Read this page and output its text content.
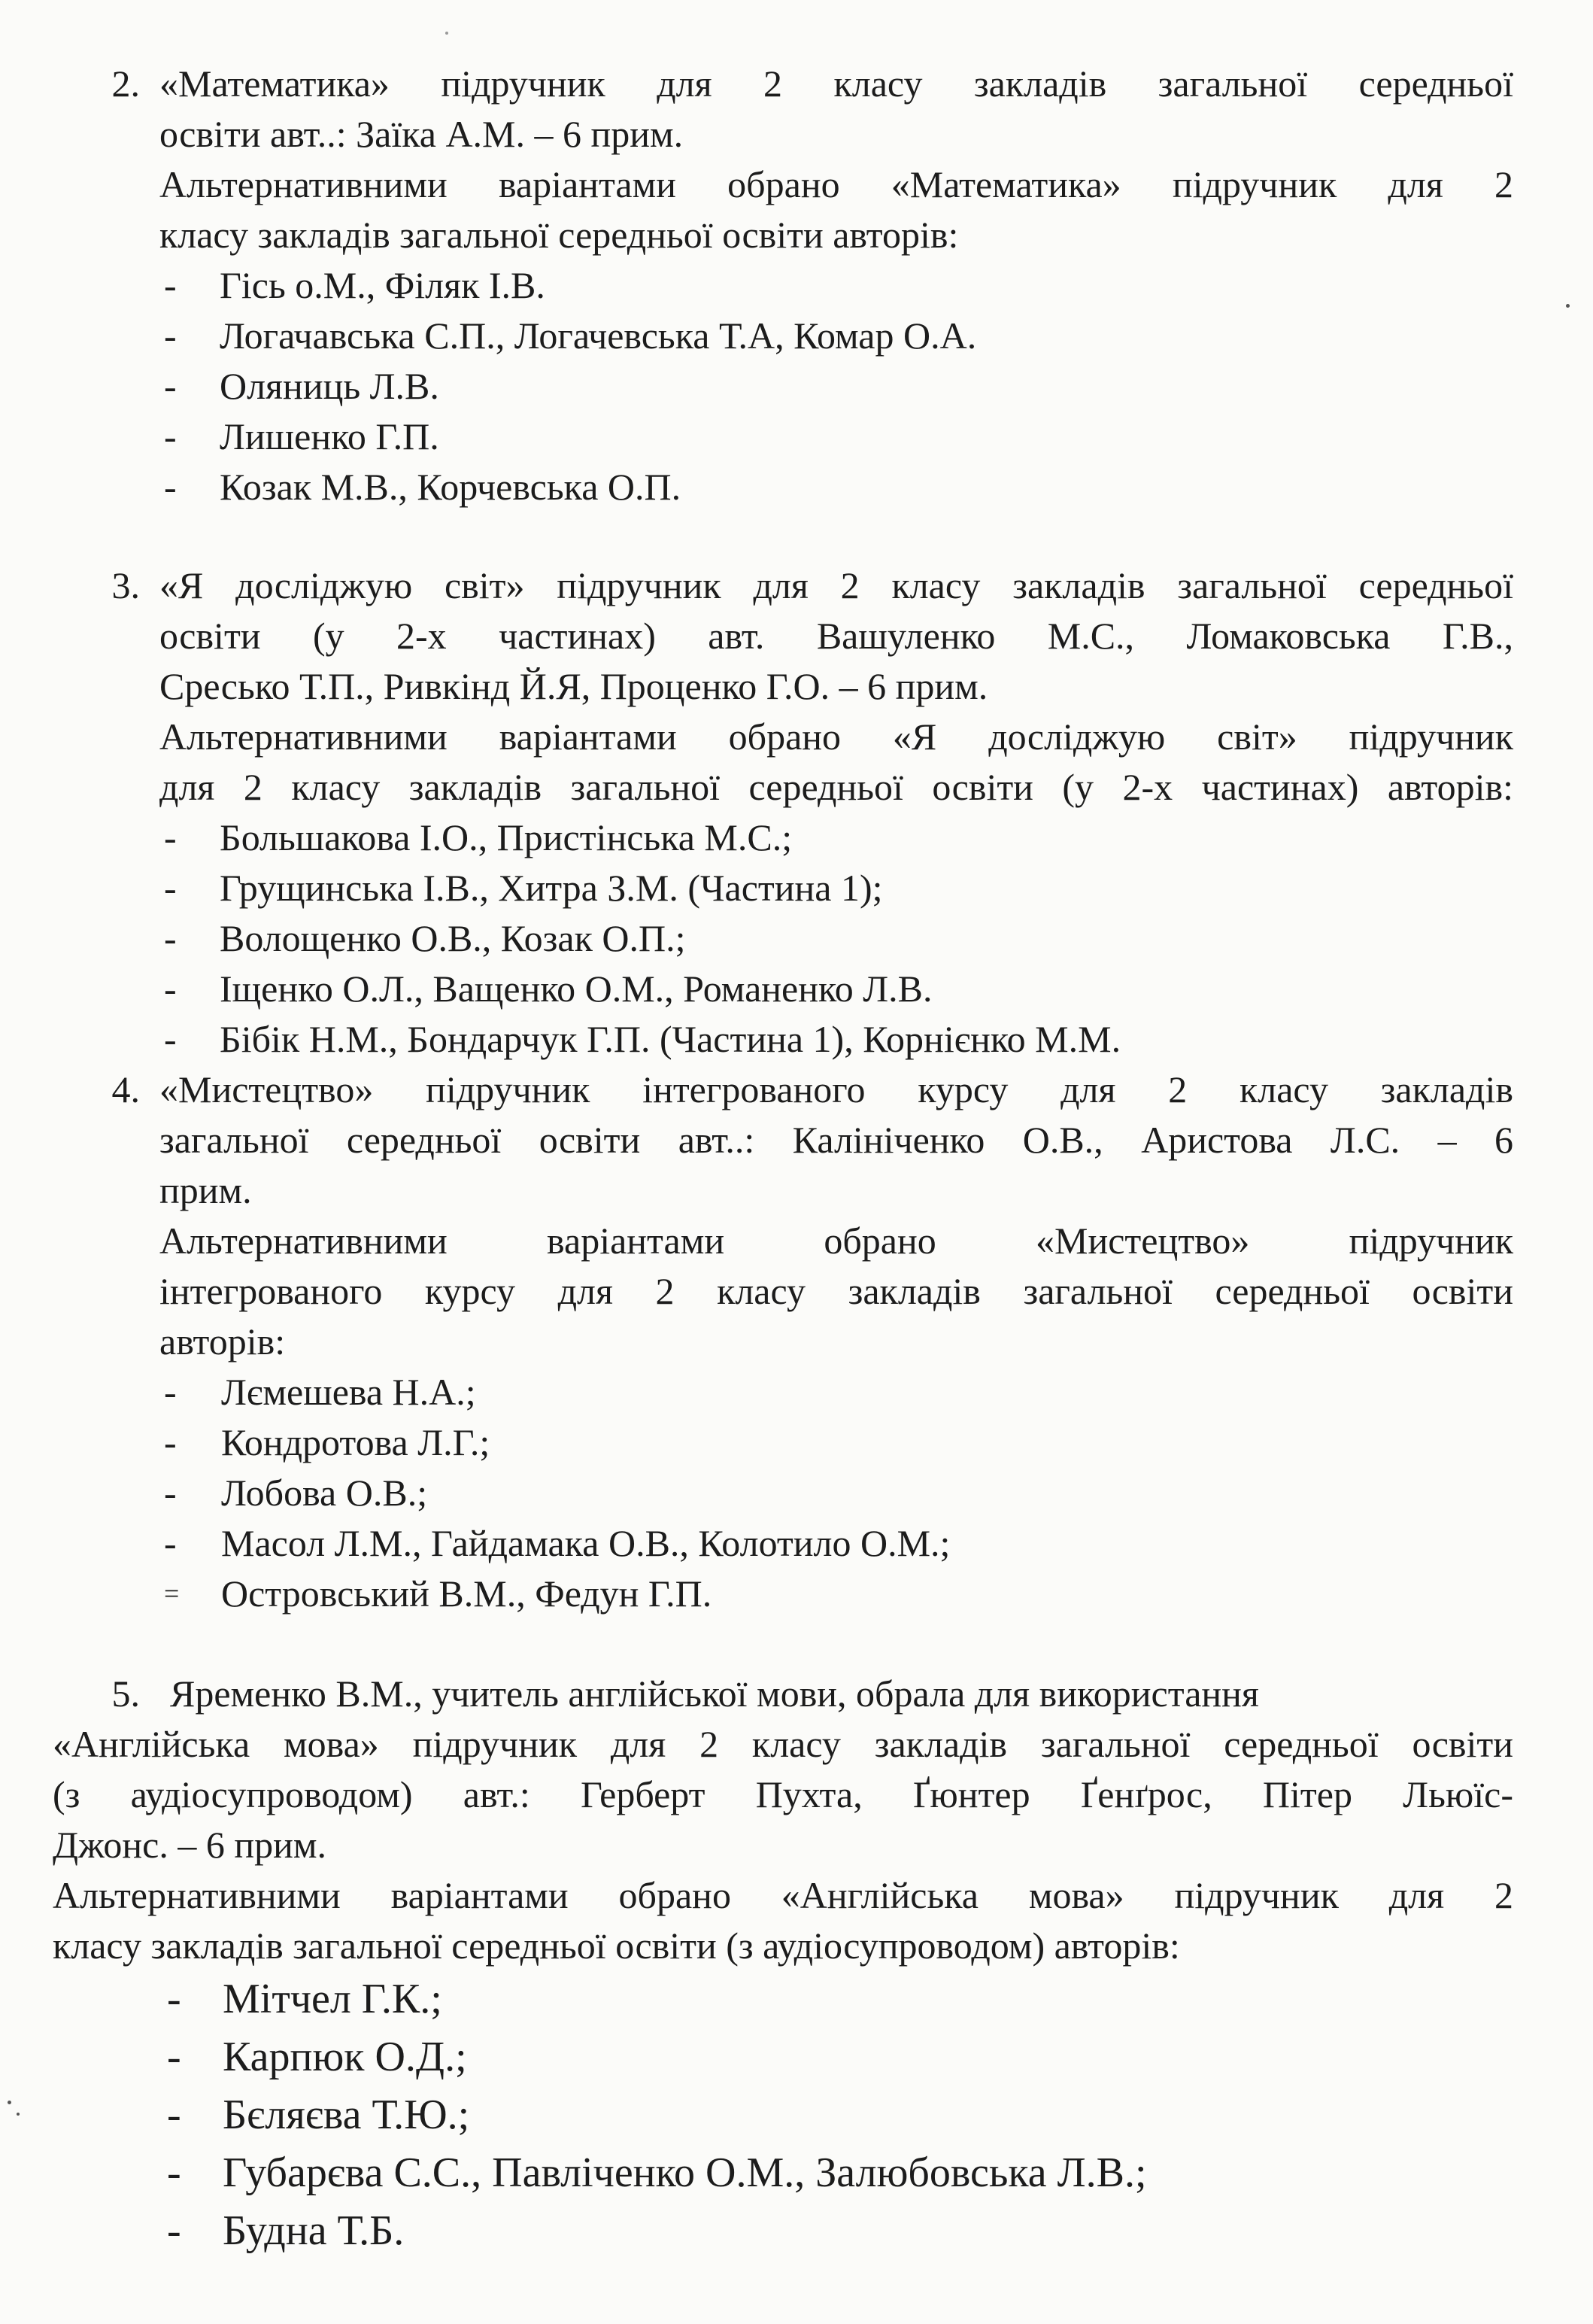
2. «Математика» підручник для 2 класу закладів загальної середньої
освіти авт..: Заїка А.М. – 6 прим.
Альтернативними варіантами обрано «Математика» підручник для 2
класу закладів загальної середньої освіти авторів:
- Гісь о.М., Філяк І.В.
- Логачавська С.П., Логачевська Т.А, Комар О.А.
- Оляниць Л.В.
- Лишенко Г.П.
- Козак М.В., Корчевська О.П.
3. «Я досліджую світ» підручник для 2 класу закладів загальної середньої
освіти (у 2-х частинах) авт. Вашуленко М.С., Ломаковська Г.В.,
Сресько Т.П., Ривкінд Й.Я, Проценко Г.О. – 6 прим.
Альтернативними варіантами обрано «Я досліджую світ» підручник
для 2 класу закладів загальної середньої освіти (у 2-х частинах) авторів:
- Большакова І.О., Пристінська М.С.;
- Грущинська І.В., Хитра З.М. (Частина 1);
- Волощенко О.В., Козак О.П.;
- Іщенко О.Л., Ващенко О.М., Романенко Л.В.
- Бібік Н.М., Бондарчук Г.П. (Частина 1), Корнієнко М.М.
4. «Мистецтво» підручник інтегрованого курсу для 2 класу закладів
загальної середньої освіти авт..: Калініченко О.В., Аристова Л.С. – 6
прим.
Альтернативними варіантами обрано «Мистецтво» підручник
інтегрованого курсу для 2 класу закладів загальної середньої освіти
авторів:
- Лємешева Н.А.;
- Кондротова Л.Г.;
- Лобова О.В.;
- Масол Л.М., Гайдамака О.В., Колотило О.М.;
= Островський В.М., Федун Г.П.
5. Яременко В.М., учитель англійської мови, обрала для використання
«Англійська мова» підручник для 2 класу закладів загальної середньої освіти
(з аудіосупроводом) авт.: Герберт Пухта, Ґюнтер Ґенґрос, Пітер Льюїс-
Джонс. – 6 прим.
Альтернативними варіантами обрано «Англійська мова» підручник для 2
класу закладів загальної середньої освіти (з аудіосупроводом) авторів:
- Мітчел Г.К.;
- Карпюк О.Д.;
- Бєляєва Т.Ю.;
- Губарєва С.С., Павліченко О.М., Залюбовська Л.В.;
- Будна Т.Б.
